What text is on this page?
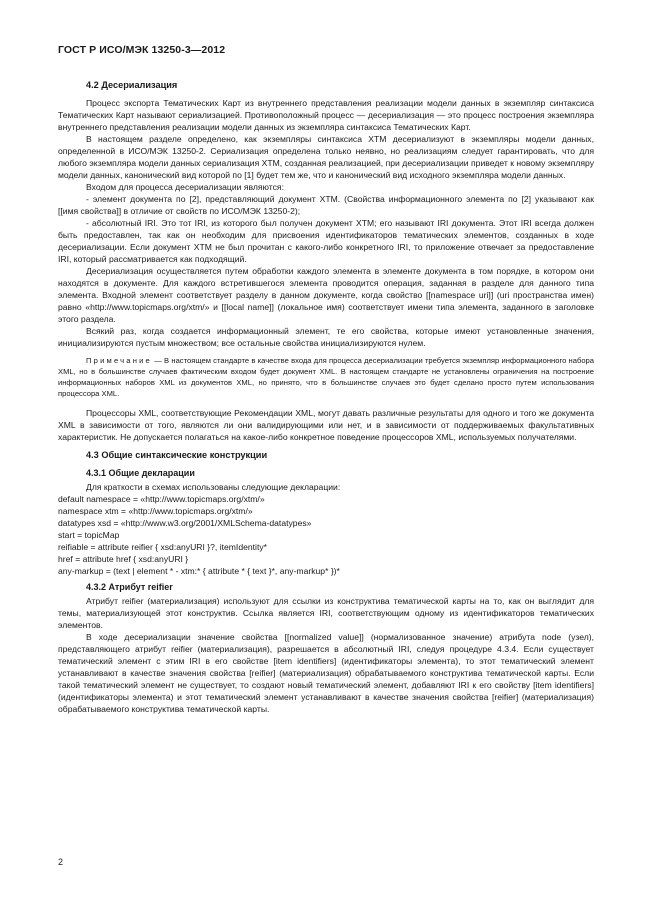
ГОСТ Р ИСО/МЭК 13250-3—2012
4.2 Десериализация

Процесс экспорта Тематических Карт из внутреннего представления реализации модели данных в экземпляр синтаксиса Тематических Карт называют сериализацией. Противоположный процесс — десериализация — это процесс построения экземпляра внутреннего представления реализации модели данных из экземпляра синтаксиса Тематических Карт.

В настоящем разделе определено, как экземпляры синтаксиса XTM десериализуют в экземпляры модели данных, определенной в ИСО/МЭК 13250-2. Сериализация определена только неявно, но реализациям следует гарантировать, что для любого экземпляра модели данных сериализация XTM, созданная реализацией, при десериализации приведет к новому экземпляру модели данных, канонический вид которой по [1] будет тем же, что и канонический вид исходного экземпляра модели данных.

Входом для процесса десериализации являются:

- элемент документа по [2], представляющий документ XTM. (Свойства информационного элемента по [2] указывают как [[имя свойства]] в отличие от свойств по ИСО/МЭК 13250-2);

- абсолютный IRI. Это тот IRI, из которого был получен документ XTM; его называют IRI документа. Этот IRI всегда должен быть предоставлен, так как он необходим для присвоения идентификаторов тематических элементов, созданных в ходе десериализации. Если документ XTM не был прочитан с какого-либо конкретного IRI, то приложение отвечает за предоставление IRI, который рассматривается как подходящий.

Десериализация осуществляется путем обработки каждого элемента в элементе документа в том порядке, в котором они находятся в документе. Для каждого встретившегося элемента проводится операция, заданная в разделе для данного типа элемента. Входной элемент соответствует разделу в данном документе, когда свойство [[namespace uri]] (uri пространства имен) равно «http://www.topicmaps.org/xtm/» и [[local name]] (локальное имя) соответствует имени типа элемента, заданного в заголовке этого раздела.

Всякий раз, когда создается информационный элемент, те его свойства, которые имеют установленные значения, инициализируются пустым множеством; все остальные свойства инициализируются нулем.

Примечание — В настоящем стандарте в качестве входа для процесса десериализации требуется экземпляр информационного набора XML, но в большинстве случаев фактическим входом будет документ XML. В настоящем стандарте не установлены ограничения на построение информационных наборов XML из документов XML, но принято, что в большинстве случаев это будет сделано просто путем использования процессора XML.

Процессоры XML, соответствующие Рекомендации XML, могут давать различные результаты для одного и того же документа XML в зависимости от того, являются ли они валидирующими или нет, и в зависимости от поддерживаемых факультативных характеристик. Не допускается полагаться на какое-либо конкретное поведение процессоров XML, используемых получателями.

4.3 Общие синтаксические конструкции
4.3.1 Общие декларации

Для краткости в схемах использованы следующие декларации:

default namespace = «http://www.topicmaps.org/xtm/»
namespace xtm = «http://www.topicmaps.org/xtm/»
datatypes xsd = «http://www.w3.org/2001/XMLSchema-datatypes»
start = topicMap
reifiable = attribute reifier { xsd:anyURI }?, itemIdentity*
href = attribute href { xsd:anyURI }
any-markup = (text | element * - xtm:* { attribute * { text }*, any-markup* })*
4.3.2 Атрибут reifier

Атрибут reifier (материализация) используют для ссылки из конструктива тематической карты на то, как он выглядит для темы, материализующей этот конструктив. Ссылка является IRI, соответствующим одному из идентификаторов тематических элементов.

В ходе десериализации значение свойства [[normalized value]] (нормализованное значение) атрибута node (узел), представляющего атрибут reifier (материализация), разрешается в абсолютный IRI, следуя процедуре 4.3.4. Если существует тематический элемент с этим IRI в его свойстве [item identifiers] (идентификаторы элемента), то этот тематический элемент устанавливают в качестве значения свойства [reifier] (материализация) обрабатываемого конструктива тематической карты. Если такой тематический элемент не существует, то создают новый тематический элемент, добавляют IRI к его свойству [item identifiers] (идентификаторы элемента) и этот тематический элемент устанавливают в качестве значения свойства [reifier] (материализация) обрабатываемого конструктива тематической карты.

2
